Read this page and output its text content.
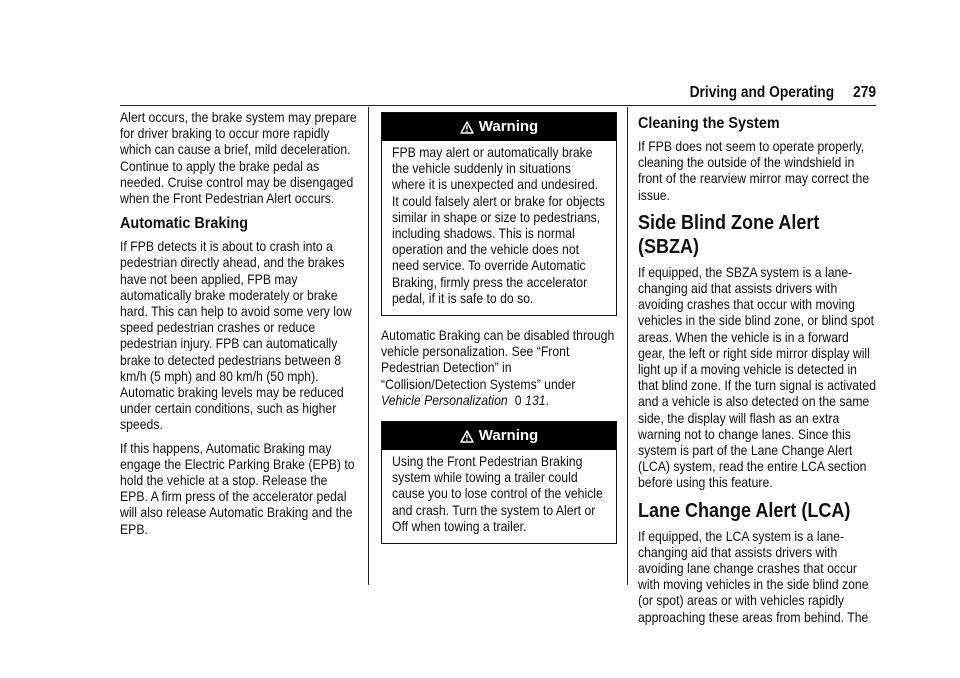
Driving and Operating 279

Alert occurs, the brake system may prepare for driver braking to occur more rapidly which can cause a brief, mild deceleration. Continue to apply the brake pedal as needed. Cruise control may be disengaged when the Front Pedestrian Alert occurs.

Automatic Braking

If FPB detects it is about to crash into a pedestrian directly ahead, and the brakes have not been applied, FPB may automatically brake moderately or brake hard. This can help to avoid some very low speed pedestrian crashes or reduce pedestrian injury. FPB can automatically brake to detected pedestrians between 8 km/h (5 mph) and 80 km/h (50 mph). Automatic braking levels may be reduced under certain conditions, such as higher speeds.

If this happens, Automatic Braking may engage the Electric Parking Brake (EPB) to hold the vehicle at a stop. Release the EPB. A firm press of the accelerator pedal will also release Automatic Braking and the EPB.

Warning
FPB may alert or automatically brake the vehicle suddenly in situations where it is unexpected and undesired. It could falsely alert or brake for objects similar in shape or size to pedestrians, including shadows. This is normal operation and the vehicle does not need service. To override Automatic Braking, firmly press the accelerator pedal, if it is safe to do so.

Automatic Braking can be disabled through vehicle personalization. See “Front Pedestrian Detection” in “Collision/Detection Systems” under Vehicle Personalization 0 131.

Warning
Using the Front Pedestrian Braking system while towing a trailer could cause you to lose control of the vehicle and crash. Turn the system to Alert or Off when towing a trailer.
Cleaning the System

If FPB does not seem to operate properly, cleaning the outside of the windshield in front of the rearview mirror may correct the issue.

Side Blind Zone Alert (SBZA)

If equipped, the SBZA system is a lane-changing aid that assists drivers with avoiding crashes that occur with moving vehicles in the side blind zone, or blind spot areas. When the vehicle is in a forward gear, the left or right side mirror display will light up if a moving vehicle is detected in that blind zone. If the turn signal is activated and a vehicle is also detected on the same side, the display will flash as an extra warning not to change lanes. Since this system is part of the Lane Change Alert (LCA) system, read the entire LCA section before using this feature.

Lane Change Alert (LCA)

If equipped, the LCA system is a lane-changing aid that assists drivers with avoiding lane change crashes that occur with moving vehicles in the side blind zone (or spot) areas or with vehicles rapidly approaching these areas from behind. The
